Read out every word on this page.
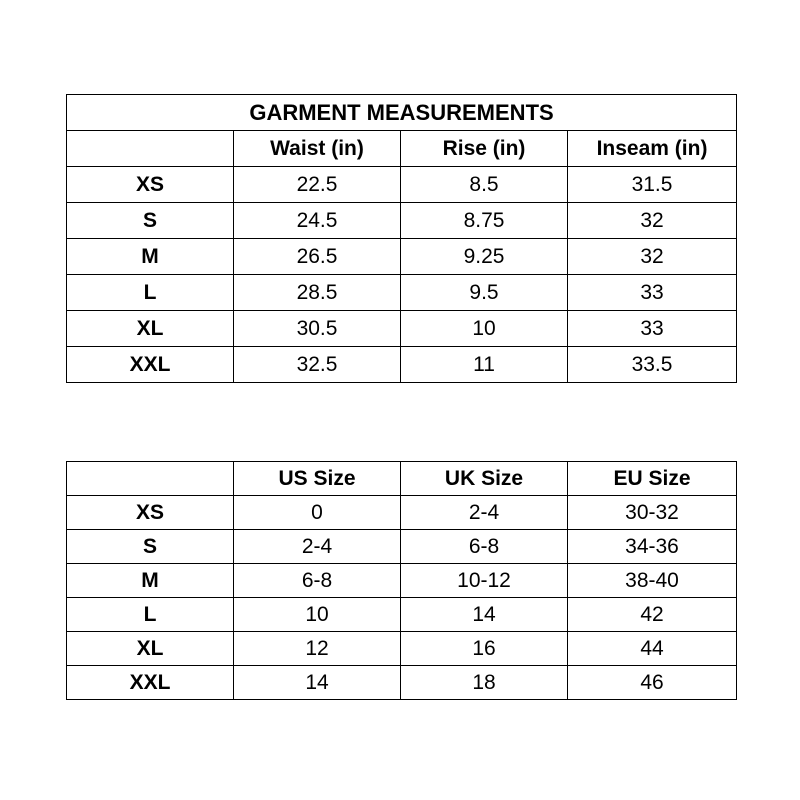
GARMENT MEASUREMENTS			
	Waist (in)	Rise (in)	Inseam (in)
XS	22.5	8.5	31.5
S	24.5	8.75	32
M	26.5	9.25	32
L	28.5	9.5	33
XL	30.5	10	33
XXL	32.5	11	33.5
	US Size	UK Size	EU Size
XS	0	2-4	30-32
S	2-4	6-8	34-36
M	6-8	10-12	38-40
L	10	14	42
XL	12	16	44
XXL	14	18	46
